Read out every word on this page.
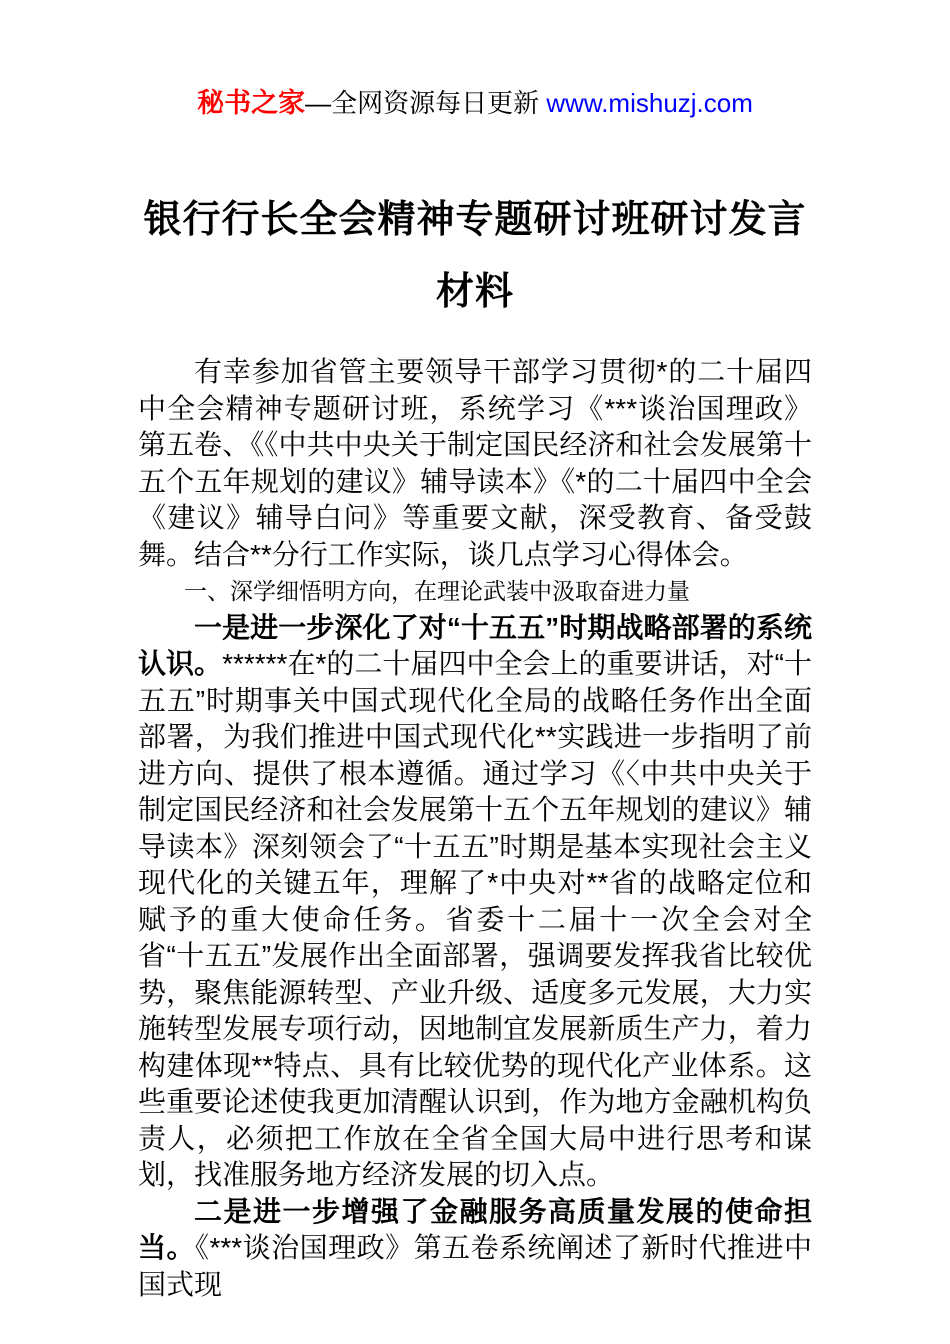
秘书之家—全网资源每日更新 www.mishuzj.com
银行行长全会精神专题研讨班研讨发言
材料

有幸参加省管主要领导干部学习贯彻*的二十届四中全会精神专题研讨班，系统学习《***谈治国理政》第五卷、《《中共中央关于制定国民经济和社会发展第十五个五年规划的建议》辅导读本》《*的二十届四中全会《建议》辅导白问》等重要文献，深受教育、备受鼓舞。结合**分行工作实际，谈几点学习心得体会。

一、深学细悟明方向，在理论武装中汲取奋进力量

一是进一步深化了对“十五五”时期战略部署的系统认识。******在*的二十届四中全会上的重要讲话，对“十五五”时期事关中国式现代化全局的战略任务作出全面部署，为我们推进中国式现代化**实践进一步指明了前进方向、提供了根本遵循。通过学习《〈中共中央关于制定国民经济和社会发展第十五个五年规划的建议》辅导读本》深刻领会了“十五五”时期是基本实现社会主义现代化的关键五年，理解了*中央对**省的战略定位和赋予的重大使命任务。省委十二届十一次全会对全省“十五五”发展作出全面部署，强调要发挥我省比较优势，聚焦能源转型、产业升级、适度多元发展，大力实施转型发展专项行动，因地制宜发展新质生产力，着力构建体现**特点、具有比较优势的现代化产业体系。这些重要论述使我更加清醒认识到，作为地方金融机构负责人，必须把工作放在全省全国大局中进行思考和谋划，找准服务地方经济发展的切入点。

二是进一步增强了金融服务高质量发展的使命担当。《***谈治国理政》第五卷系统阐述了新时代推进中国式现
